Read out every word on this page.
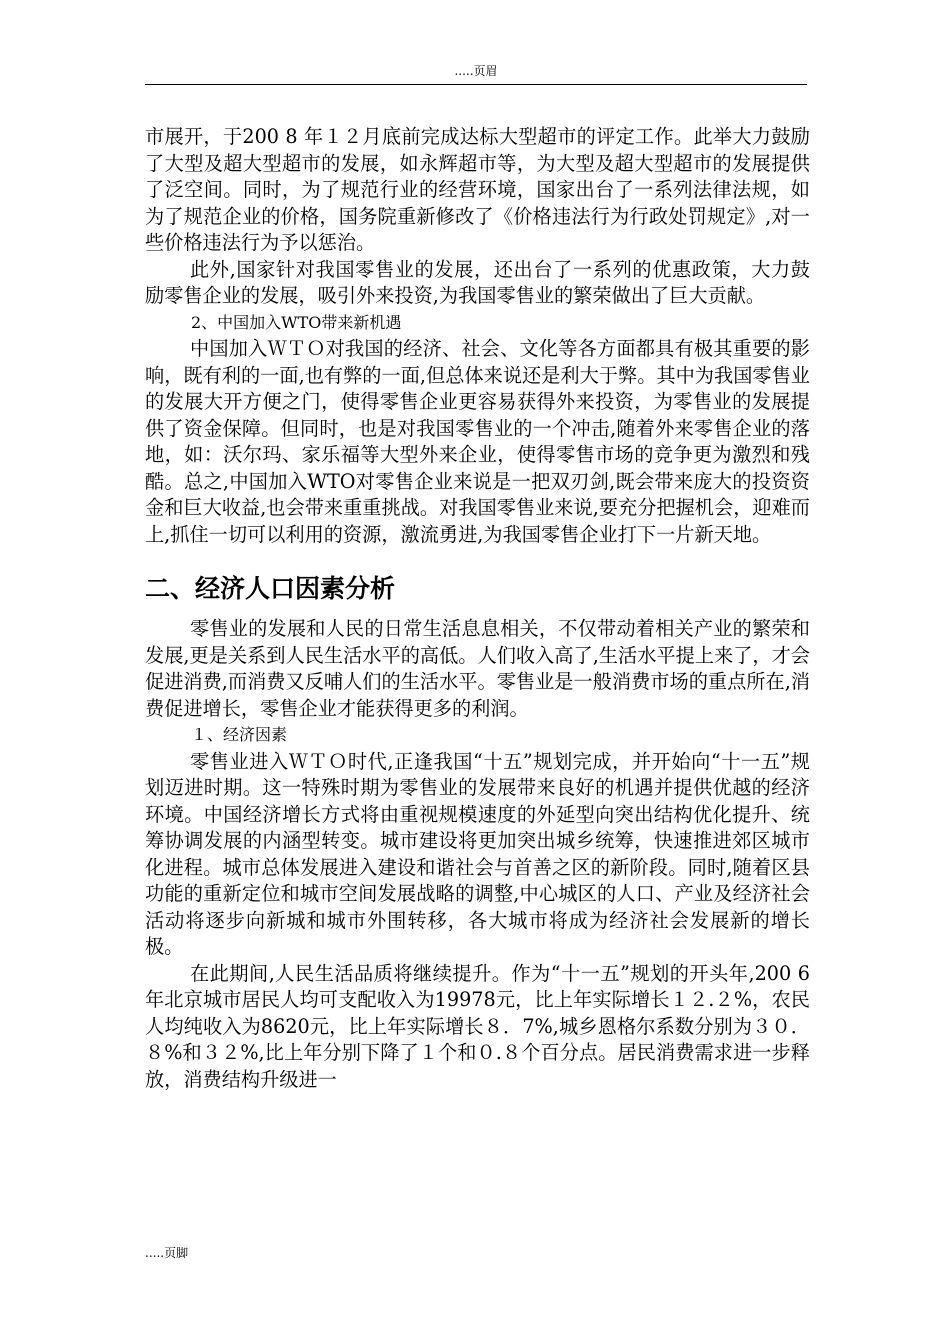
.....页眉

市展开，于200 8 年１２月底前完成达标大型超市的评定工作。此举大力鼓励了大型及超大型超市的发展，如永辉超市等，为大型及超大型超市的发展提供了泛空间。同时，为了规范行业的经营环境，国家出台了一系列法律法规，如为了规范企业的价格，国务院重新修改了《价格违法行为行政处罚规定》,对一些价格违法行为予以惩治。

此外,国家针对我国零售业的发展，还出台了一系列的优惠政策，大力鼓励零售企业的发展，吸引外来投资,为我国零售业的繁荣做出了巨大贡献。

2、中国加入WTO带来新机遇

中国加入ＷＴＯ对我国的经济、社会、文化等各方面都具有极其重要的影响，既有利的一面,也有弊的一面,但总体来说还是利大于弊。其中为我国零售业的发展大开方便之门，使得零售企业更容易获得外来投资，为零售业的发展提供了资金保障。但同时，也是对我国零售业的一个冲击,随着外来零售企业的落地，如：沃尔玛、家乐福等大型外来企业，使得零售市场的竞争更为激烈和残酷。总之,中国加入WTO对零售企业来说是一把双刃剑,既会带来庞大的投资资金和巨大收益,也会带来重重挑战。对我国零售业来说,要充分把握机会，迎难而上,抓住一切可以利用的资源，激流勇进,为我国零售企业打下一片新天地。

二、经济人口因素分析

零售业的发展和人民的日常生活息息相关，不仅带动着相关产业的繁荣和发展,更是关系到人民生活水平的高低。人们收入高了,生活水平提上来了，才会促进消费,而消费又反哺人们的生活水平。零售业是一般消费市场的重点所在,消费促进增长，零售企业才能获得更多的利润。

１、经济因素

零售业进入ＷＴＯ时代,正逢我国“十五”规划完成，并开始向“十一五”规划迈进时期。这一特殊时期为零售业的发展带来良好的机遇并提供优越的经济环境。中国经济增长方式将由重视规模速度的外延型向突出结构优化提升、统筹协调发展的内涵型转变。城市建设将更加突出城乡统筹，快速推进郊区城市化进程。城市总体发展进入建设和谐社会与首善之区的新阶段。同时,随着区县功能的重新定位和城市空间发展战略的调整,中心城区的人口、产业及经济社会活动将逐步向新城和城市外围转移，各大城市将成为经济社会发展新的增长极。

在此期间,人民生活品质将继续提升。作为“十一五”规划的开头年,200 6 年北京城市居民人均可支配收入为19978元，比上年实际增长１２.２%，农民人均纯收入为8620元，比上年实际增长８．7%,城乡恩格尔系数分别为３０． ８%和３２%,比上年分别下降了１个和０.８个百分点。居民消费需求进一步释放，消费结构升级进一

.....页脚
